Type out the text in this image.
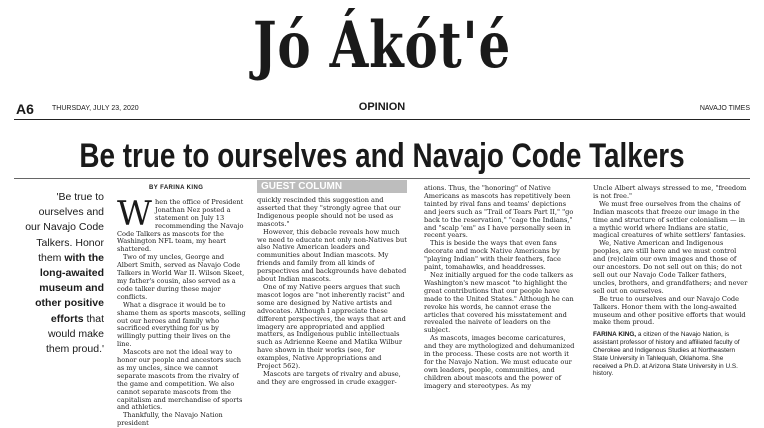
Jó Ákót'é
A6	THURSDAY, JULY 23, 2020	OPINION	NAVAJO TIMES
Be true to ourselves and Navajo Code Talkers
'Be true to ourselves and our Navajo Code Talkers. Honor them with the long-awaited museum and other positive efforts that would make them proud.'
BY FARINA KING
W hen the office of President Jonathan Nez posted a statement on July 13 recommending the Navajo Code Talkers as mascots for the Washington NFL team, my heart shattered.

Two of my uncles, George and Albert Smith, served as Navajo Code Talkers in World War II. Wilson Skeet, my father's cousin, also served as a code talker during these major conflicts.

What a disgrace it would be to shame them as sports mascots, selling out our heroes and family who sacrificed everything for us by willingly putting their lives on the line.

Mascots are not the ideal way to honor our people and ancestors such as my uncles, since we cannot separate mascots from the rivalry of the game and competition. We also cannot separate mascots from the capitalism and merchandise of sports and athletics.

Thankfully, the Navajo Nation president

GUEST COLUMN

quickly rescinded this suggestion and asserted that they "strongly agree that our Indigenous people should not be used as mascots."

However, this debacle reveals how much we need to educate not only non-Natives but also Native American leaders and communities about Indian mascots. My friends and family from all kinds of perspectives and backgrounds have debated about Indian mascots.

One of my Native peers argues that such mascot logos are "not inherently racist" and some are designed by Native artists and advocates. Although I appreciate these different perspectives, the ways that art and imagery are appropriated and applied matters, as Indigenous public intellectuals such as Adrienne Keene and Matika Wilbur have shown in their works (see, for examples, Native Appropriations and Project 562).

Mascots are targets of rivalry and abuse, and they are engrossed in crude exagger-

ations. Thus, the "honoring" of Native Americans as mascots has repetitively been tainted by rival fans and teams' depictions and jeers such as "Trail of Tears Part II," "go back to the reservation," "cage the Indians," and "scalp 'em" as I have personally seen in recent years.

This is beside the ways that even fans decorate and mock Native Americans by "playing Indian" with their feathers, face paint, tomahawks, and headdresses.

Nez initially argued for the code talkers as Washington's new mascot "to highlight the great contributions that our people have made to the United States." Although he can revoke his words, he cannot erase the articles that covered his misstatement and revealed the naivete of leaders on the subject.

As mascots, images become caricatures, and they are mythologized and dehumanized in the process. These costs are not worth it for the Navajo Nation. We must educate our own leaders, people, communities, and children about mascots and the power of imagery and stereotypes. As my

Uncle Albert always stressed to me, "freedom is not free."

We must free ourselves from the chains of Indian mascots that freeze our image in the time and structure of settler colonialism — in a mythic world where Indians are static, magical creatures of white settlers' fantasies.

We, Native American and Indigenous peoples, are still here and we must control and (re)claim our own images and those of our ancestors. Do not sell out on this; do not sell out our Navajo Code Talker fathers, uncles, brothers, and grandfathers; and never sell out on ourselves.

Be true to ourselves and our Navajo Code Talkers. Honor them with the long-awaited museum and other positive efforts that would make them proud.

FARINA KING, a citizen of the Navajo Nation, is assistant professor of history and affiliated faculty of Cherokee and Indigenous Studies at Northeastern State University in Tahlequah, Oklahoma. She received a Ph.D. at Arizona State University in U.S. history.
